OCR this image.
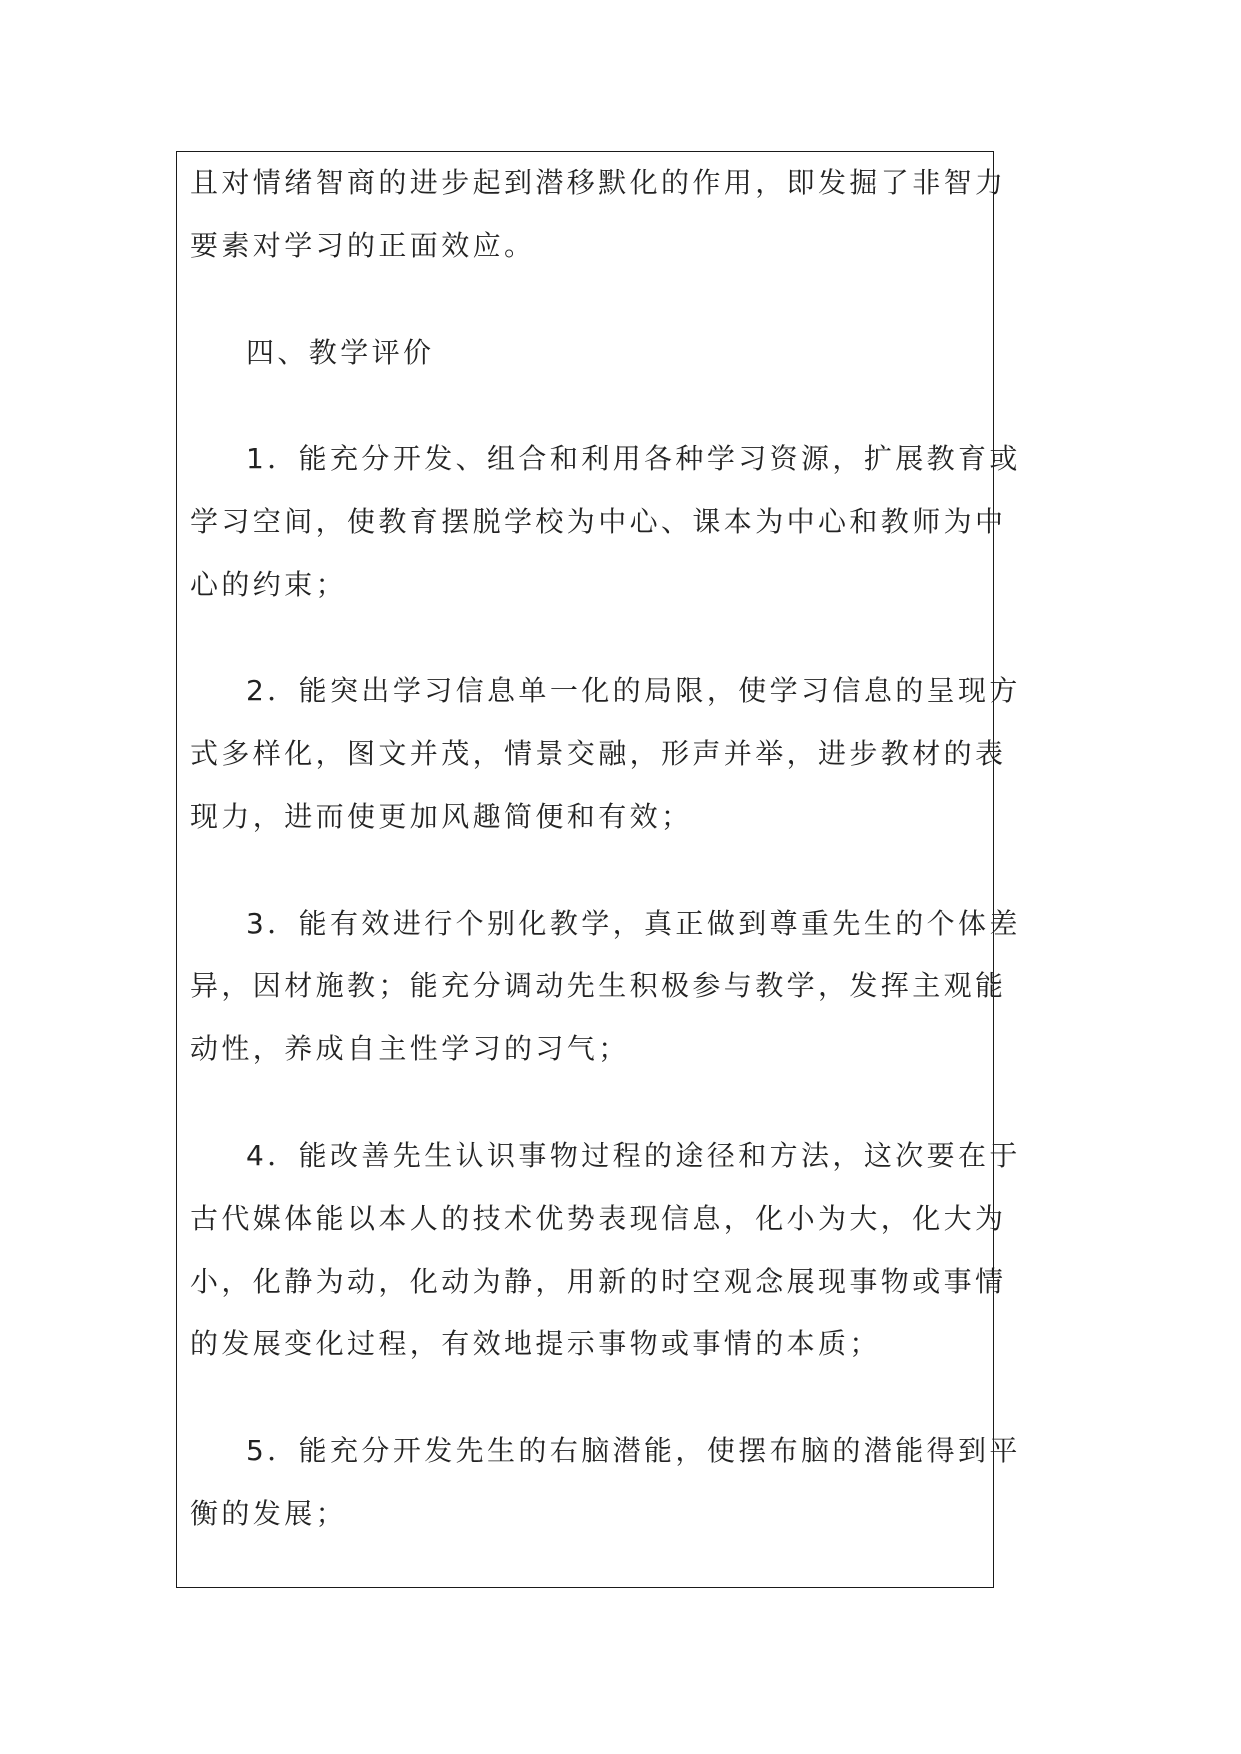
且对情绪智商的进步起到潜移默化的作用，即发掘了非智力
要素对学习的正面效应。
四、教学评价
1．能充分开发、组合和利用各种学习资源，扩展教育或
学习空间，使教育摆脱学校为中心、课本为中心和教师为中
心的约束；
2．能突出学习信息单一化的局限，使学习信息的呈现方
式多样化，图文并茂，情景交融，形声并举，进步教材的表
现力，进而使更加风趣简便和有效；
3．能有效进行个别化教学，真正做到尊重先生的个体差
异，因材施教；能充分调动先生积极参与教学，发挥主观能
动性，养成自主性学习的习气；
4．能改善先生认识事物过程的途径和方法，这次要在于
古代媒体能以本人的技术优势表现信息，化小为大，化大为
小，化静为动，化动为静，用新的时空观念展现事物或事情
的发展变化过程，有效地提示事物或事情的本质；
5．能充分开发先生的右脑潜能，使摆布脑的潜能得到平
衡的发展；
